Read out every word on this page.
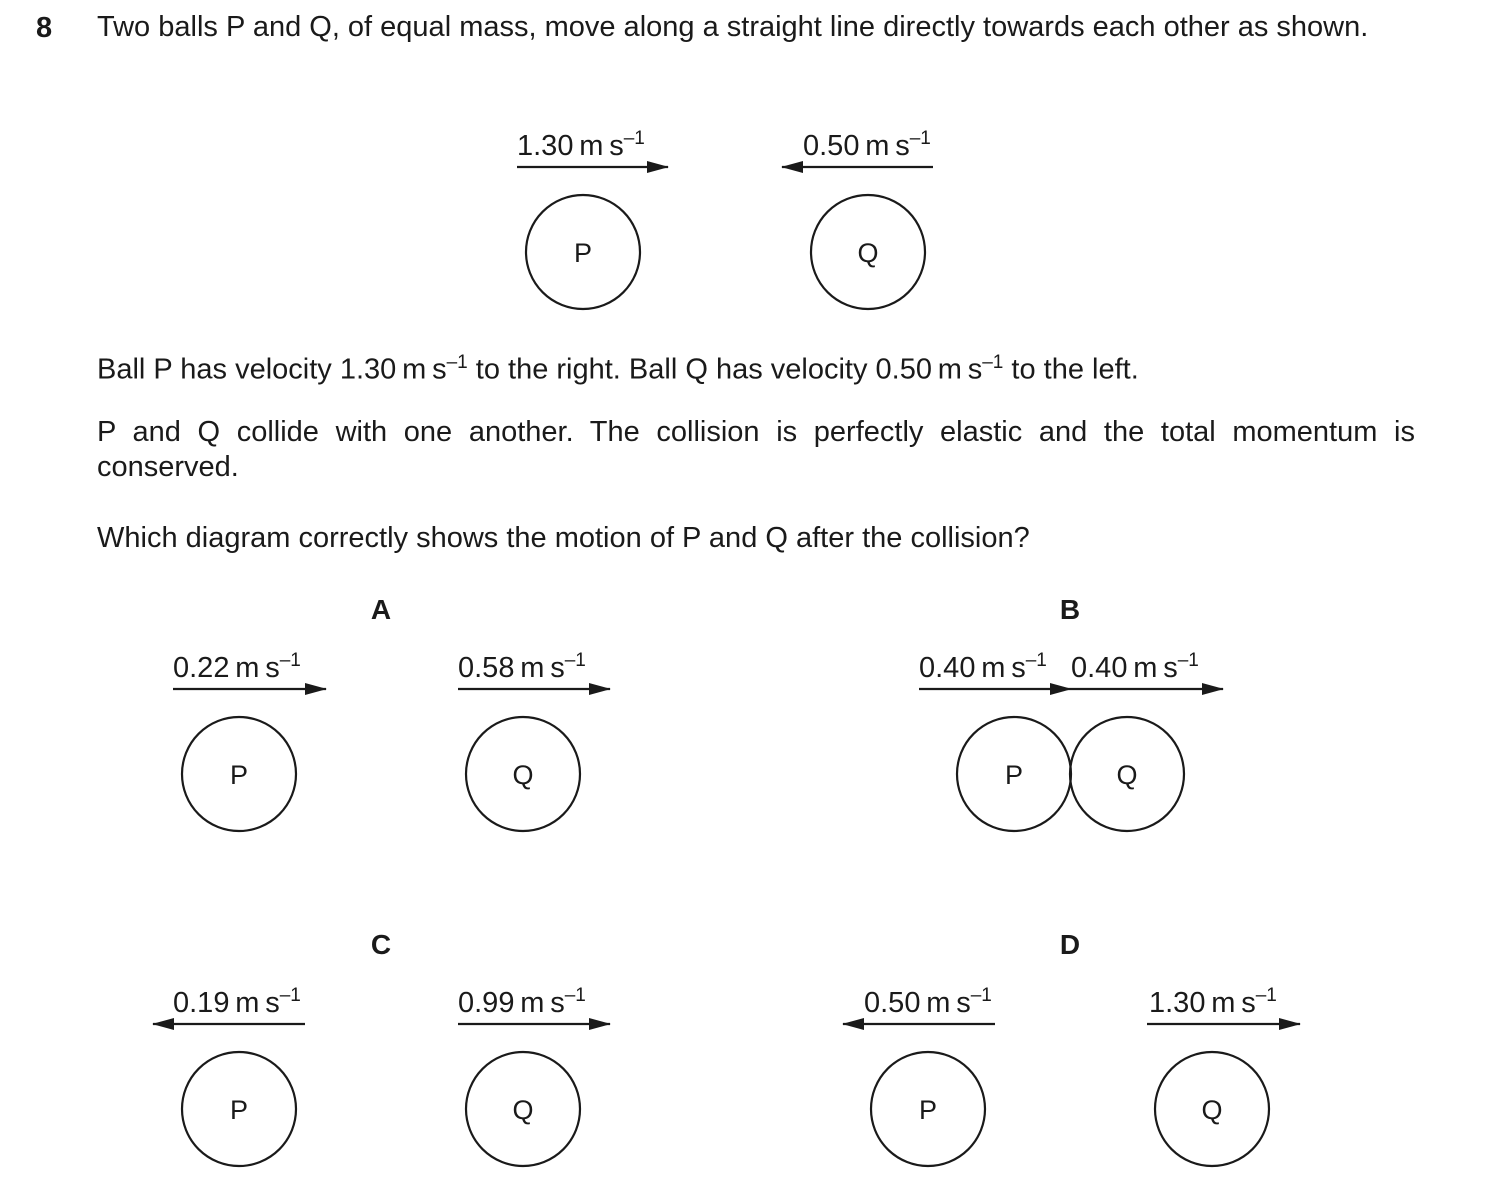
8 Two balls P and Q, of equal mass, move along a straight line directly towards each other as shown.
1.30 m $s^{-1}$
P
0.50 m $s^{-1}$
Q
0.22 m $s^{-1}$
P
0.58 m $s^{-1}$
Q
0.40 m $s^{-1}$
P
0.40 m $s^{-1}$
Q
0.19 m $s^{-1}$
P
0.99 m $s^{-1}$
Q
0.50 m $s^{-1}$
P
1.30 m $s^{-1}$
Q
Ball P has velocity 1.30 m $s^{-1}$ to the right. Ball Q has velocity 0.50 m $s^{-1}$ to the left.
P and Q collide with one another. The collision is perfectly elastic and the total momentum is conserved.
Which diagram correctly shows the motion of P and Q after the collision?
A	B
C	D
